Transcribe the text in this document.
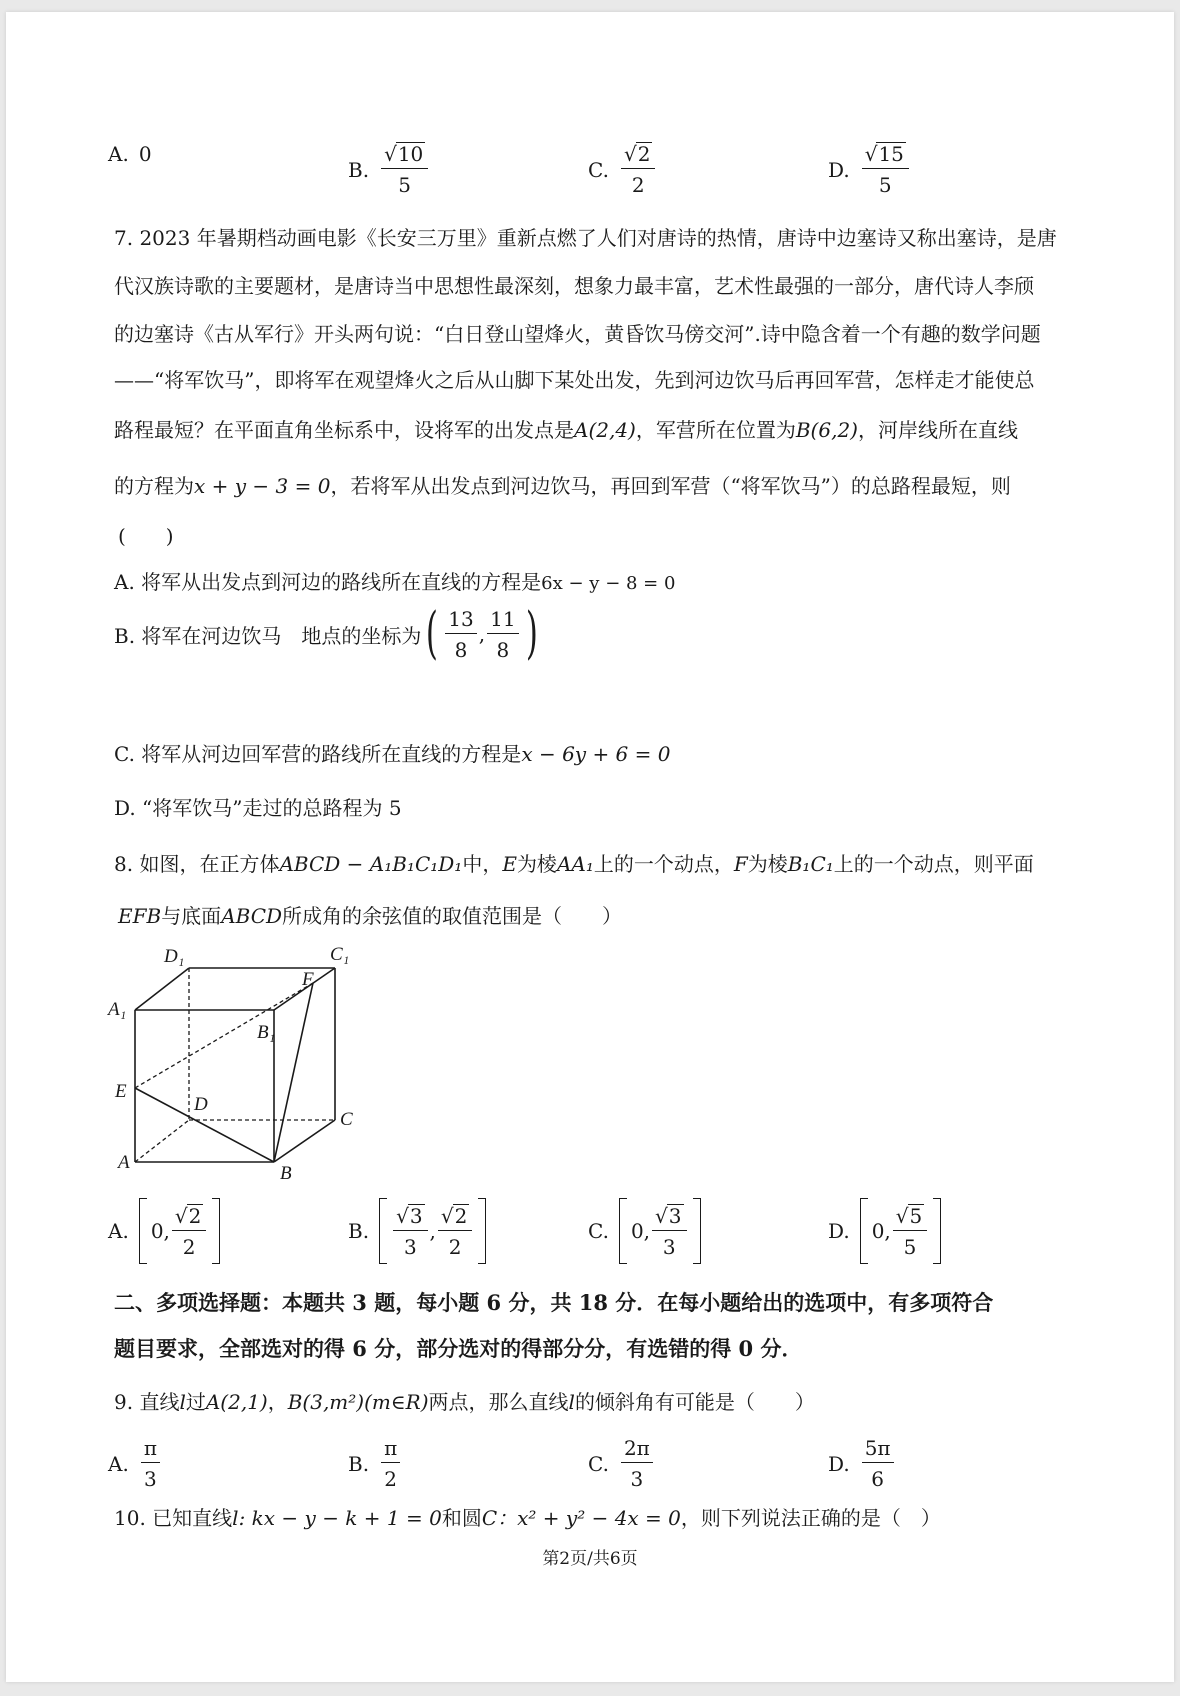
A. 0
B. $\frac{√ 10}{5}$	C. $\frac{√ 2}{2}$	D. $\frac{√ 15}{5}$
7. 2023 年暑期档动画电影《长安三万里》重新点燃了人们对唐诗的热情，唐诗中边塞诗又称出塞诗，是唐
代汉族诗歌的主要题材，是唐诗当中思想性最深刻，想象力最丰富，艺术性最强的一部分，唐代诗人李颀
的边塞诗《古从军行》开头两句说：“白日登山望烽火，黄昏饮马傍交河”.诗中隐含着一个有趣的数学问题
——“将军饮马”，即将军在观望烽火之后从山脚下某处出发，先到河边饮马后再回军营，怎样走才能使总
路程最短？在平面直角坐标系中，设将军的出发点是A(2,4)，军营所在位置为B(6,2)，河岸线所在直线
的方程为x + y − 3 = 0，若将军从出发点到河边饮马，再回到军营（“将军饮马”）的总路程最短，则
(　　)
A. 将军从出发点到河边的路线所在直线的方程是6x − y − 8 = 0
B. 将军在河边饮马　地点的坐标为 ( $\frac{13}{8}$ , $\frac{11}{8}$ )
C. 将军从河边回军营的路线所在直线的方程是x − 6y + 6 = 0
D. “将军饮马”走过的总路程为 5
8. 如图，在正方体ABCD − A₁B₁C₁D₁中，E为棱AA₁上的一个动点，F为棱B₁C₁上的一个动点，则平面
EFB与底面ABCD所成角的余弦值的取值范围是（　　）
D₁	C₁
A₁
B₁
F
E
D
C
A
B
A. 0, $\frac{√ 2}{2}$	B. $\frac{√ 3}{3}$ , $\frac{√ 2}{2}$	C. 0, $\frac{√ 3}{3}$	D. 0, $\frac{√ 5}{5}$
二、多项选择题：本题共 3 题，每小题 6 分，共 18 分．在每小题给出的选项中，有多项符合
题目要求，全部选对的得 6 分，部分选对的得部分分，有选错的得 0 分．
9. 直线l过A(2,1)，B(3,m²)(m∈R)两点，那么直线l的倾斜角有可能是（　　）
A. $\frac{\pi}{3}$	B. $\frac{\pi}{2}$	C. $\frac{2\pi}{3}$	D. $\frac{5\pi}{6}$
10. 已知直线l: kx − y − k + 1 = 0和圆C：x² + y² − 4x = 0，则下列说法正确的是（　）
第2页/共6页
